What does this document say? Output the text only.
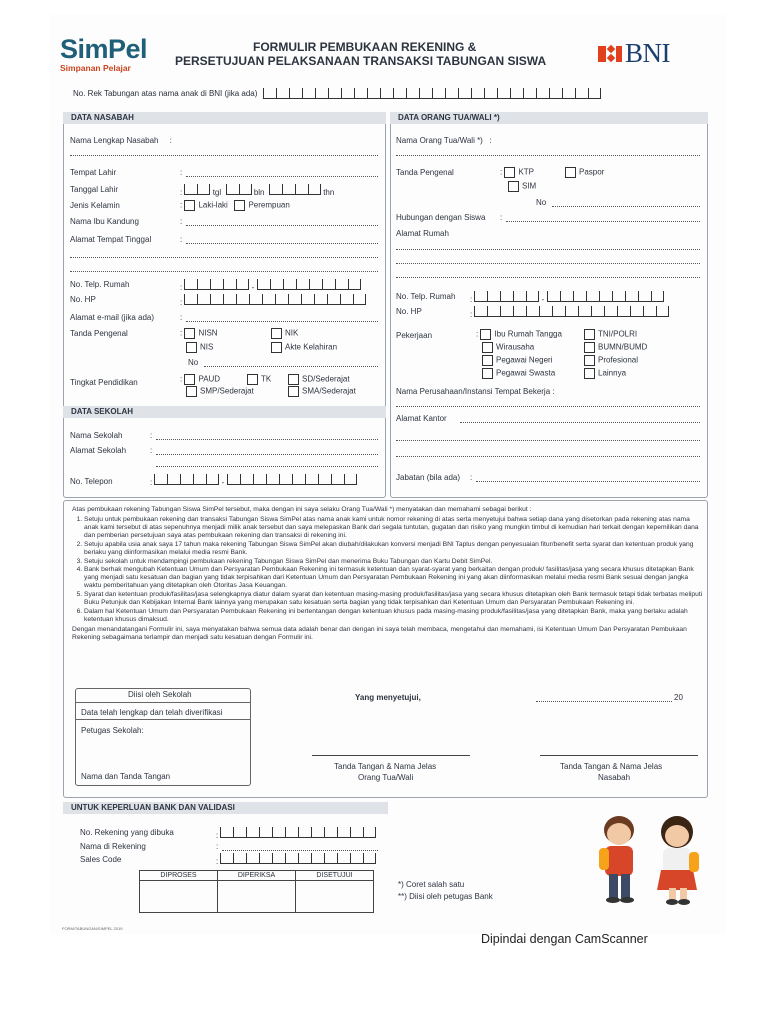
SimPel
Simpanan Pelajar
FORMULIR PEMBUKAAN REKENING &
PERSETUJUAN PELAKSANAAN TRANSAKSI TABUNGAN SISWA	BNI
No. Rek Tabungan atas nama anak di BNI (jika ada)
DATA NASABAH
Nama Lengkap Nasabah     :
Tempat Lahir	:
Tanggal Lahir	:	tgl	bln	thn
Jenis Kelamin	: Laki-laki	Perempuan
Nama Ibu Kandung	:
Alamat Tempat Tinggal	:
No. Telp. Rumah	:	-
No. HP	:
Alamat e-mail (jika ada)	:
Tanda Pengenal	: NISN	NIK
NIS	Akte Kelahiran
No
Tingkat Pendidikan	: PAUD	TK	SD/Sederajat
SMP/Sederajat	SMA/Sederajat
DATA SEKOLAH
Nama Sekolah	:
Alamat Sekolah	:
No. Telepon	:	-
DATA ORANG TUA/WALI *)
Nama Orang Tua/Wali *)   :
Tanda Pengenal	: KTP	Paspor
SIM
No
Hubungan dengan Siswa :
Alamat Rumah
No. Telp. Rumah :	-
No. HP	:
Pekerjaan	: Ibu Rumah Tangga	TNI/POLRI
Wirausaha	BUMN/BUMD
Pegawai Negeri	Profesional
Pegawai Swasta	Lainnya
Nama Perusahaan/Instansi Tempat Bekerja :
Alamat Kantor
Jabatan (bila ada) :

Atas pembukaan rekening Tabungan Siswa SimPel tersebut, maka dengan ini saya selaku Orang Tua/Wali *) menyatakan dan memahami sebagai berikut :

1. Setuju untuk pembukaan rekening dan transaksi Tabungan Siswa SimPel atas nama anak kami untuk nomor rekening di atas serta menyetujui bahwa setiap dana yang disetorkan pada rekening atas nama anak kami tersebut di atas sepenuhnya menjadi milik anak tersebut dan saya melepaskan Bank dari segala tuntutan, gugatan dan risiko yang mungkin timbul di kemudian hari terkait dengan kepemilikan dana dan pemberian persetujuan saya atas pembukaan rekening dan transaksi di rekening ini.
2. Setuju apabila usia anak saya 17 tahun maka rekening Tabungan Siswa SimPel akan diubah/dilakukan konversi menjadi BNI Taplus dengan penyesuaian fitur/benefit serta syarat dan ketentuan produk yang berlaku yang diinformasikan melalui media resmi Bank.
3. Setuju sekolah untuk mendampingi pembukaan rekening Tabungan Siswa SimPel dan menerima Buku Tabungan dan Kartu Debit SimPel.
4. Bank berhak mengubah Ketentuan Umum dan Persyaratan Pembukaan Rekening ini termasuk ketentuan dan syarat-syarat yang berkaitan dengan produk/ fasilitas/jasa yang secara khusus ditetapkan Bank yang menjadi satu kesatuan dan bagian yang tidak terpisahkan dari Ketentuan Umum dan Persyaratan Pembukaan Rekening ini yang akan diinformasikan melalui media resmi Bank sesuai dengan jangka waktu pemberitahuan yang ditetapkan oleh Otoritas Jasa Keuangan.
5. Syarat dan ketentuan produk/fasilitas/jasa selengkapnya diatur dalam syarat dan ketentuan masing-masing produk/fasilitas/jasa yang secara khusus ditetapkan oleh Bank termasuk tetapi tidak terbatas meliputi Buku Petunjuk dan Kebijakan Internal Bank lainnya yang merupakan satu kesatuan serta bagian yang tidak terpisahkan dari Ketentuan Umum dan Persyaratan Pembukaan Rekening ini.
6. Dalam hal Ketentuan Umum dan Persyaratan Pembukaan Rekening ini bertentangan dengan ketentuan khusus pada masing-masing produk/fasilitas/jasa yang ditetapkan Bank, maka yang berlaku adalah ketentuan khusus dimaksud.

Dengan menandatangani Formulir ini, saya menyatakan bahwa semua data adalah benar dan dengan ini saya telah membaca, mengetahui dan memahami, isi Ketentuan Umum Dan Persyaratan Pembukaan Rekening sebagaimana terlampir dan menjadi satu kesatuan dengan Formulir ini.

Diisi oleh Sekolah
Data telah lengkap dan telah diverifikasi
Petugas Sekolah:
Nama dan Tanda Tangan
Yang menyetujui,	20
Tanda Tangan & Nama Jelas
Orang Tua/Wali
Tanda Tangan & Nama Jelas
Nasabah
UNTUK KEPERLUAN BANK DAN VALIDASI
No. Rekening yang dibuka	:
Nama di Rekening	:
Sales Code	:
DIPROSES	DIPERIKSA	DISETUJUI

*) Coret salah satu
**) Diisi oleh petugas Bank
FORM/TABUNGAN/SIMPEL 2019
Dipindai dengan CamScanner
